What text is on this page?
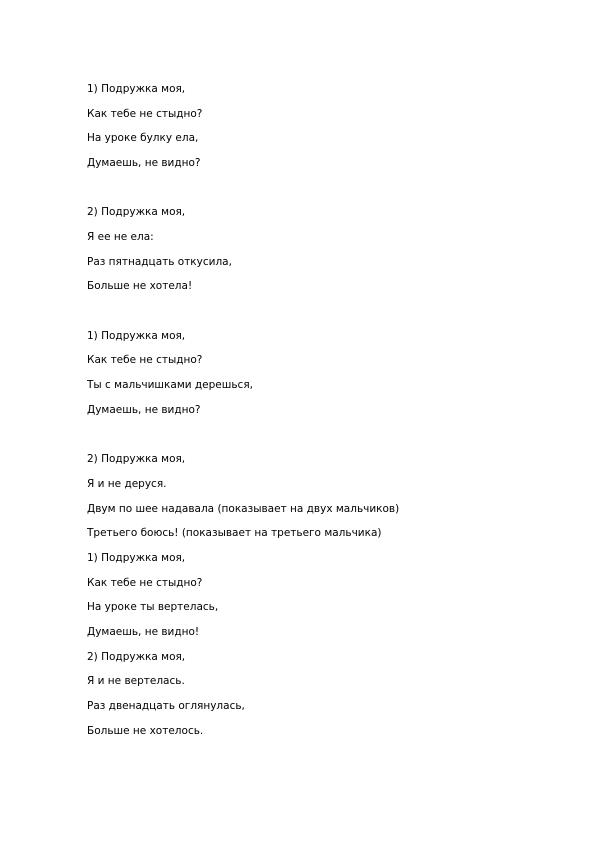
1) Подружка моя,

Как тебе не стыдно?

На уроке булку ела,

Думаешь, не видно?

2) Подружка моя,

Я ее не ела:

Раз пятнадцать откусила,

Больше не хотела!

1) Подружка моя,

Как тебе не стыдно?

Ты с мальчишками дерешься,

Думаешь, не видно?

2) Подружка моя,

Я и не деруся.

Двум по шее надавала (показывает на двух мальчиков)

Третьего боюсь! (показывает на третьего мальчика)

1) Подружка моя,

Как тебе не стыдно?

На уроке ты вертелась,

Думаешь, не видно!

2) Подружка моя,

Я и не вертелась.

Раз двенадцать оглянулась,

Больше не хотелось.
